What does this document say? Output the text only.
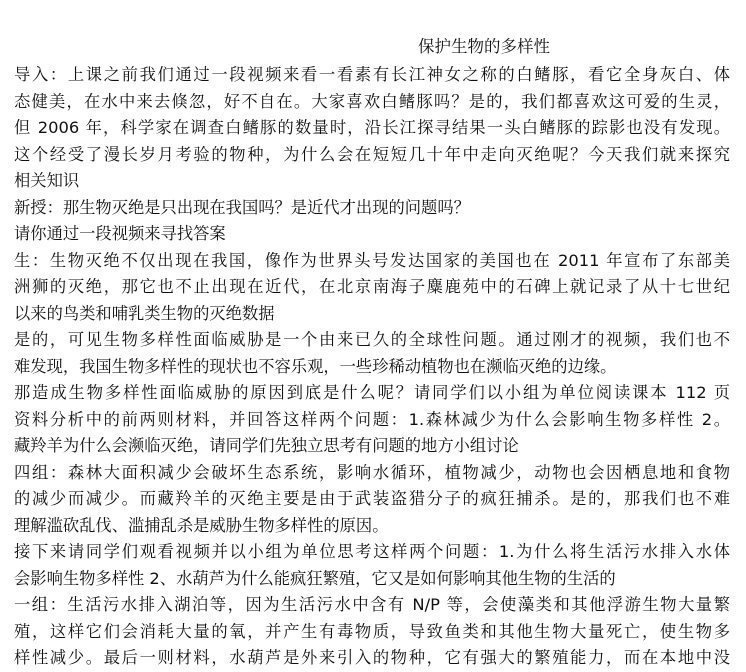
保护生物的多样性
导入：上课之前我们通过一段视频来看一看素有长江神女之称的白鳍豚，看它全身灰白、体
态健美，在水中来去倏忽，好不自在。大家喜欢白鳍豚吗？是的，我们都喜欢这可爱的生灵，
但 2006 年，科学家在调查白鳍豚的数量时，沿长江探寻结果一头白鳍豚的踪影也没有发现。
这个经受了漫长岁月考验的物种，为什么会在短短几十年中走向灭绝呢？今天我们就来探究
相关知识
新授：那生物灭绝是只出现在我国吗？是近代才出现的问题吗？
请你通过一段视频来寻找答案
生：生物灭绝不仅出现在我国，像作为世界头号发达国家的美国也在 2011 年宣布了东部美
洲狮的灭绝，那它也不止出现在近代，在北京南海子麋鹿苑中的石碑上就记录了从十七世纪
以来的鸟类和哺乳类生物的灭绝数据
是的，可见生物多样性面临威胁是一个由来已久的全球性问题。通过刚才的视频，我们也不
难发现，我国生物多样性的现状也不容乐观，一些珍稀动植物也在濒临灭绝的边缘。
那造成生物多样性面临威胁的原因到底是什么呢？请同学们以小组为单位阅读课本 112 页
资料分析中的前两则材料，并回答这样两个问题：1.森林减少为什么会影响生物多样性 2。
藏羚羊为什么会濒临灭绝，请同学们先独立思考有问题的地方小组讨论
四组：森林大面积减少会破坏生态系统，影响水循环，植物减少，动物也会因栖息地和食物
的减少而减少。而藏羚羊的灭绝主要是由于武装盗猎分子的疯狂捕杀。是的，那我们也不难
理解滥砍乱伐、滥捕乱杀是威胁生物多样性的原因。
接下来请同学们观看视频并以小组为单位思考这样两个问题：1.为什么将生活污水排入水体
会影响生物多样性 2、水葫芦为什么能疯狂繁殖，它又是如何影响其他生物的生活的
一组：生活污水排入湖泊等，因为生活污水中含有 N/P 等，会使藻类和其他浮游生物大量繁
殖，这样它们会消耗大量的氧，并产生有毒物质，导致鱼类和其他生物大量死亡，使生物多
样性减少。最后一则材料，水葫芦是外来引入的物种，它有强大的繁殖能力，而在本地中没
